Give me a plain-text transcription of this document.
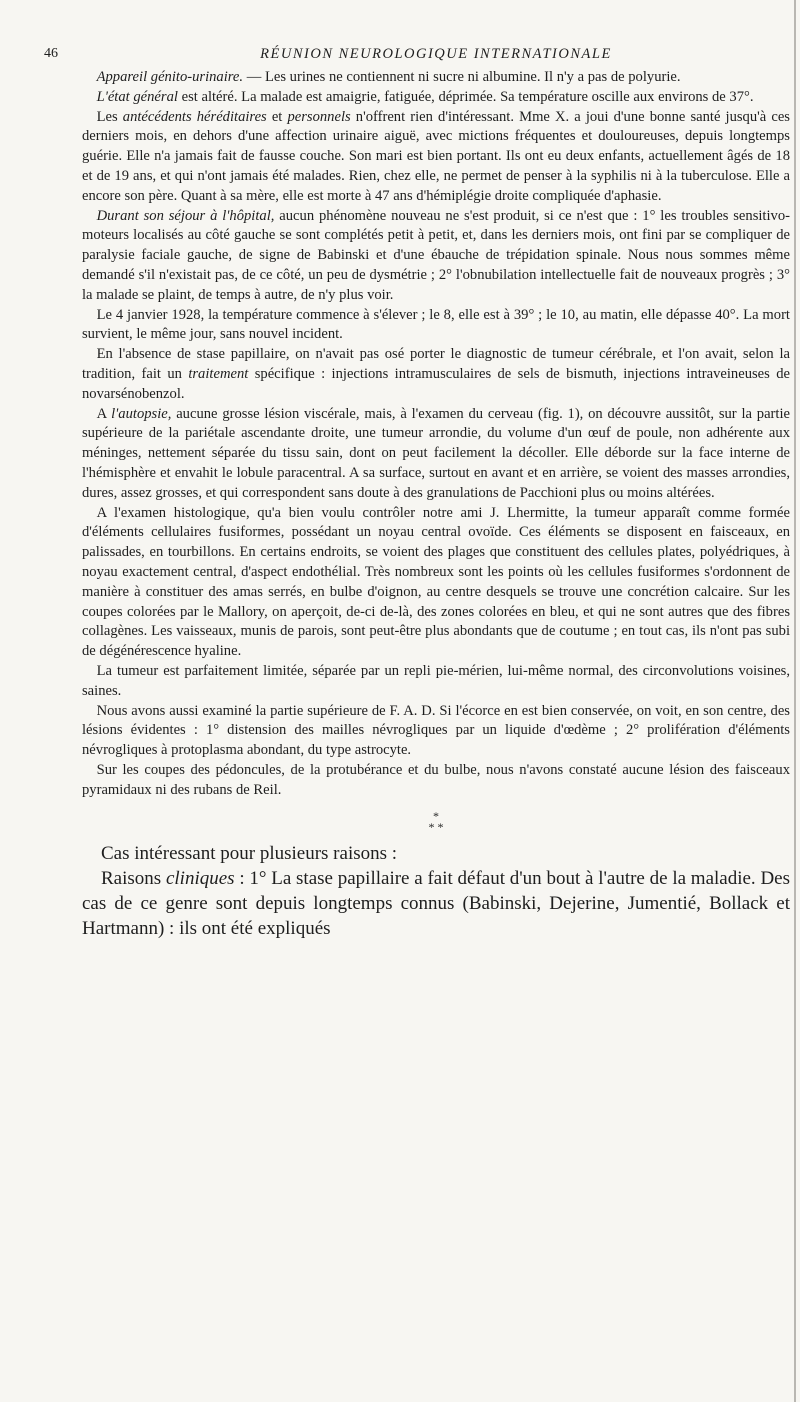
46	RÉUNION NEUROLOGIQUE INTERNATIONALE

 Appareil génito-urinaire. — Les urines ne contiennent ni sucre ni albumine. Il n'y a pas de polyurie.

 L'état général est altéré. La malade est amaigrie, fatiguée, déprimée. Sa température oscille aux environs de 37°.

 Les antécédents héréditaires et personnels n'offrent rien d'intéressant. Mme X. a joui d'une bonne santé jusqu'à ces derniers mois, en dehors d'une affection urinaire aiguë, avec mictions fréquentes et douloureuses, depuis longtemps guérie. Elle n'a jamais fait de fausse couche. Son mari est bien portant. Ils ont eu deux enfants, actuellement âgés de 18 et de 19 ans, et qui n'ont jamais été malades. Rien, chez elle, ne permet de penser à la syphilis ni à la tuberculose. Elle a encore son père. Quant à sa mère, elle est morte à 47 ans d'hémiplégie droite compliquée d'aphasie.

 Durant son séjour à l'hôpital, aucun phénomène nouveau ne s'est produit, si ce n'est que : 1° les troubles sensitivo-moteurs localisés au côté gauche se sont complétés petit à petit, et, dans les derniers mois, ont fini par se compliquer de paralysie faciale gauche, de signe de Babinski et d'une ébauche de trépidation spinale. Nous nous sommes même demandé s'il n'existait pas, de ce côté, un peu de dysmétrie ; 2° l'obnubilation intellectuelle fait de nouveaux progrès ; 3° la malade se plaint, de temps à autre, de n'y plus voir.

 Le 4 janvier 1928, la température commence à s'élever ; le 8, elle est à 39° ; le 10, au matin, elle dépasse 40°. La mort survient, le même jour, sans nouvel incident.

 En l'absence de stase papillaire, on n'avait pas osé porter le diagnostic de tumeur cérébrale, et l'on avait, selon la tradition, fait un traitement spécifique : injections intramusculaires de sels de bismuth, injections intraveineuses de novarsénobenzol.

 A l'autopsie, aucune grosse lésion viscérale, mais, à l'examen du cerveau (fig. 1), on découvre aussitôt, sur la partie supérieure de la pariétale ascendante droite, une tumeur arrondie, du volume d'un œuf de poule, non adhérente aux méninges, nettement séparée du tissu sain, dont on peut facilement la décoller. Elle déborde sur la face interne de l'hémisphère et envahit le lobule paracentral. A sa surface, surtout en avant et en arrière, se voient des masses arrondies, dures, assez grosses, et qui correspondent sans doute à des granulations de Pacchioni plus ou moins altérées.

 A l'examen histologique, qu'a bien voulu contrôler notre ami J. Lhermitte, la tumeur apparaît comme formée d'éléments cellulaires fusiformes, possédant un noyau central ovoïde. Ces éléments se disposent en faisceaux, en palissades, en tourbillons. En certains endroits, se voient des plages que constituent des cellules plates, polyédriques, à noyau exactement central, d'aspect endothélial. Très nombreux sont les points où les cellules fusiformes s'ordonnent de manière à constituer des amas serrés, en bulbe d'oignon, au centre desquels se trouve une concrétion calcaire. Sur les coupes colorées par le Mallory, on aperçoit, de-ci de-là, des zones colorées en bleu, et qui ne sont autres que des fibres collagènes. Les vaisseaux, munis de parois, sont peut-être plus abondants que de coutume ; en tout cas, ils n'ont pas subi de dégénérescence hyaline.

 La tumeur est parfaitement limitée, séparée par un repli pie-mérien, lui-même normal, des circonvolutions voisines, saines.

 Nous avons aussi examiné la partie supérieure de F. A. D. Si l'écorce en est bien conservée, on voit, en son centre, des lésions évidentes : 1° distension des mailles névrogliques par un liquide d'œdème ; 2° prolifération d'éléments névrogliques à protoplasma abondant, du type astrocyte.

 Sur les coupes des pédoncules, de la protubérance et du bulbe, nous n'avons constaté aucune lésion des faisceaux pyramidaux ni des rubans de Reil.

*
* *

 Cas intéressant pour plusieurs raisons :

 Raisons cliniques : 1° La stase papillaire a fait défaut d'un bout à l'autre de la maladie. Des cas de ce genre sont depuis longtemps connus (Babinski, Dejerine, Jumentié, Bollack et Hartmann) : ils ont été expliqués
